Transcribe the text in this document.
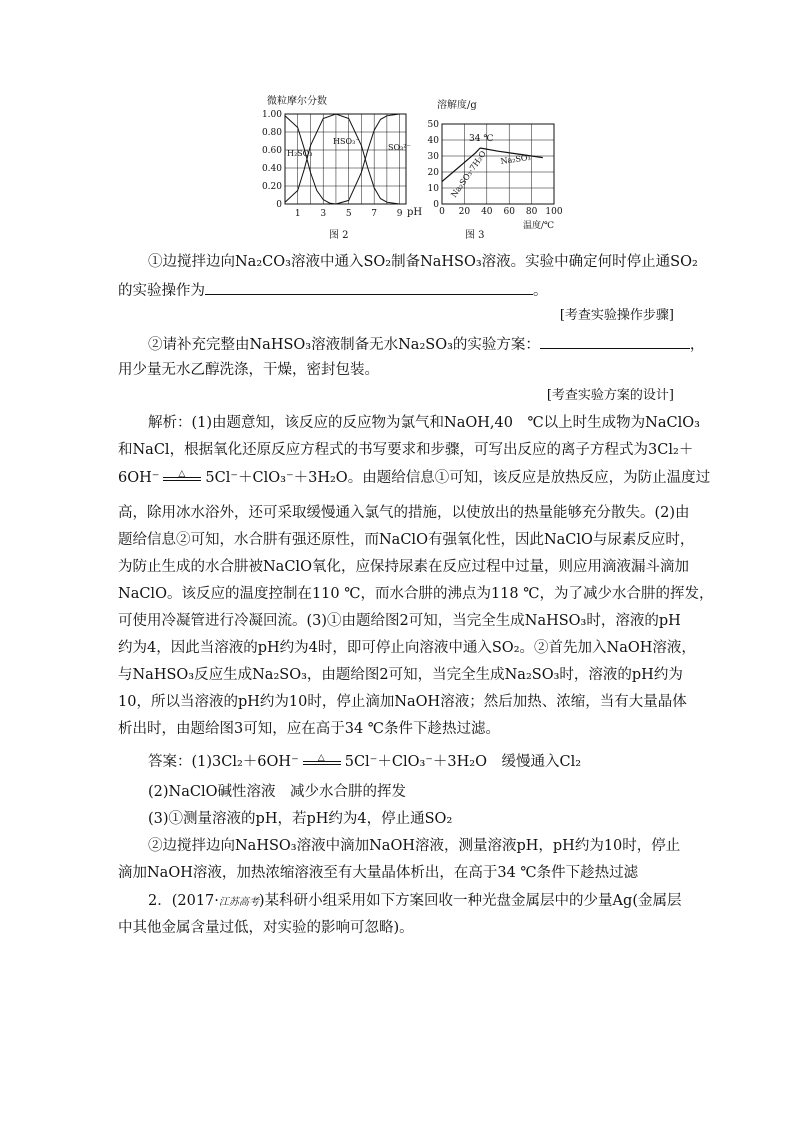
微粒摩尔分数
1.00
0.80
0.60
0.40
0.20
0
1 3 5 7 9 pH
H₂SO₃
HSO₃⁻
SO₃²⁻
图 2
溶解度/g
50
40
30
20
10
0
0 20 40 60 80 100
温度/℃
34 ℃
Na₂SO₃·7H₂O Na₂SO₃
图 3
①边搅拌边向Na₂CO₃溶液中通入SO₂制备NaHSO₃溶液。实验中确定何时停止通SO₂
的实验操作为	。
[考查实验操作步骤]
②请补充完整由NaHSO₃溶液制备无水Na₂SO₃的实验方案：	，
用少量无水乙醇洗涤，干燥，密封包装。
[考查实验方案的设计]
解析：(1)由题意知，该反应的反应物为氯气和NaOH,40　℃以上时生成物为NaClO₃
和NaCl，根据氧化还原反应方程式的书写要求和步骤，可写出反应的离子方程式为3Cl₂＋
6OH⁻ △ 5Cl⁻＋ClO₃⁻＋3H₂O。由题给信息①可知，该反应是放热反应，为防止温度过
高，除用冰水浴外，还可采取缓慢通入氯气的措施，以使放出的热量能够充分散失。(2)由
题给信息②可知，水合肼有强还原性，而NaClO有强氧化性，因此NaClO与尿素反应时，
为防止生成的水合肼被NaClO氧化，应保持尿素在反应过程中过量，则应用滴液漏斗滴加
NaClO。该反应的温度控制在110 ℃，而水合肼的沸点为118 ℃，为了减少水合肼的挥发，
可使用冷凝管进行冷凝回流。(3)①由题给图2可知，当完全生成NaHSO₃时，溶液的pH
约为4，因此当溶液的pH约为4时，即可停止向溶液中通入SO₂。②首先加入NaOH溶液，
与NaHSO₃反应生成Na₂SO₃，由题给图2可知，当完全生成Na₂SO₃时，溶液的pH约为
10，所以当溶液的pH约为10时，停止滴加NaOH溶液；然后加热、浓缩，当有大量晶体
析出时，由题给图3可知，应在高于34 ℃条件下趁热过滤。
答案：(1)3Cl₂＋6OH⁻ △ 5Cl⁻＋ClO₃⁻＋3H₂O　缓慢通入Cl₂
(2)NaClO碱性溶液　减少水合肼的挥发
(3)①测量溶液的pH，若pH约为4，停止通SO₂
②边搅拌边向NaHSO₃溶液中滴加NaOH溶液，测量溶液pH，pH约为10时，停止
滴加NaOH溶液，加热浓缩溶液至有大量晶体析出，在高于34 ℃条件下趁热过滤
2．(2017·江苏高考)某科研小组采用如下方案回收一种光盘金属层中的少量Ag(金属层
中其他金属含量过低，对实验的影响可忽略)。
